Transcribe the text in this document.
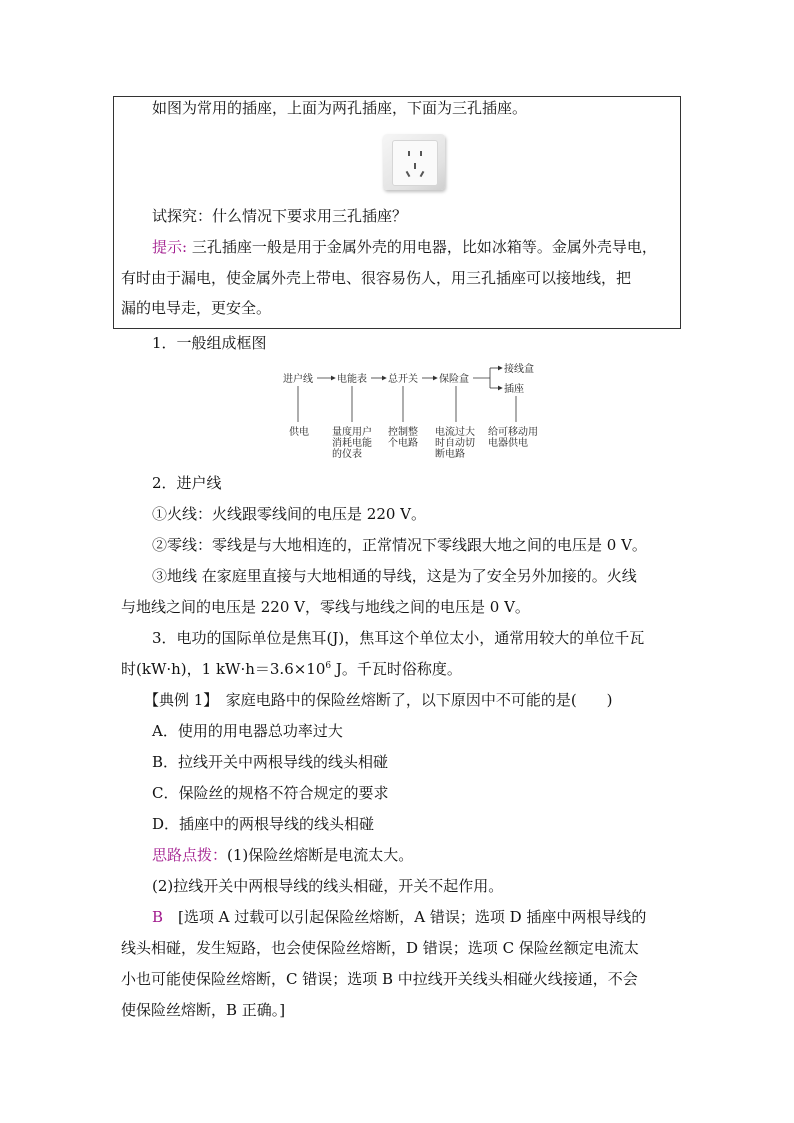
如图为常用的插座，上面为两孔插座，下面为三孔插座。
试探究：什么情况下要求用三孔插座？
提示: 三孔插座一般是用于金属外壳的用电器，比如冰箱等。金属外壳导电，
有时由于漏电，使金属外壳上带电、很容易伤人，用三孔插座可以接地线，把
漏的电导走，更安全。
1．一般组成框图
进户线 电能表 总开关 保险盒
接线盒
插座
供电 量度用户
消耗电能
的仪表
控制整
个电路
电流过大
时自动切
断电路
给可移动用
电器供电
2．进户线
①火线：火线跟零线间的电压是 220 V。
②零线：零线是与大地相连的，正常情况下零线跟大地之间的电压是 0 V。
③地线 在家庭里直接与大地相通的导线，这是为了安全另外加接的。火线
与地线之间的电压是 220 V，零线与地线之间的电压是 0 V。
3．电功的国际单位是焦耳(J)，焦耳这个单位太小，通常用较大的单位千瓦
时(kW·h)，1 $kW\cdot h=3.6\times 10^6$ J。千瓦时俗称度。
【典例 1】　家庭电路中的保险丝熔断了，以下原因中不可能的是(　　)
A．使用的用电器总功率过大
B．拉线开关中两根导线的线头相碰
C．保险丝的规格不符合规定的要求
D．插座中的两根导线的线头相碰
思路点拨：(1)保险丝熔断是电流太大。
(2)拉线开关中两根导线的线头相碰，开关不起作用。
B　[选项 A 过载可以引起保险丝熔断，A 错误；选项 D 插座中两根导线的
线头相碰，发生短路，也会使保险丝熔断，D 错误；选项 C 保险丝额定电流太
小也可能使保险丝熔断，C 错误；选项 B 中拉线开关线头相碰火线接通，不会
使保险丝熔断，B 正确。]
